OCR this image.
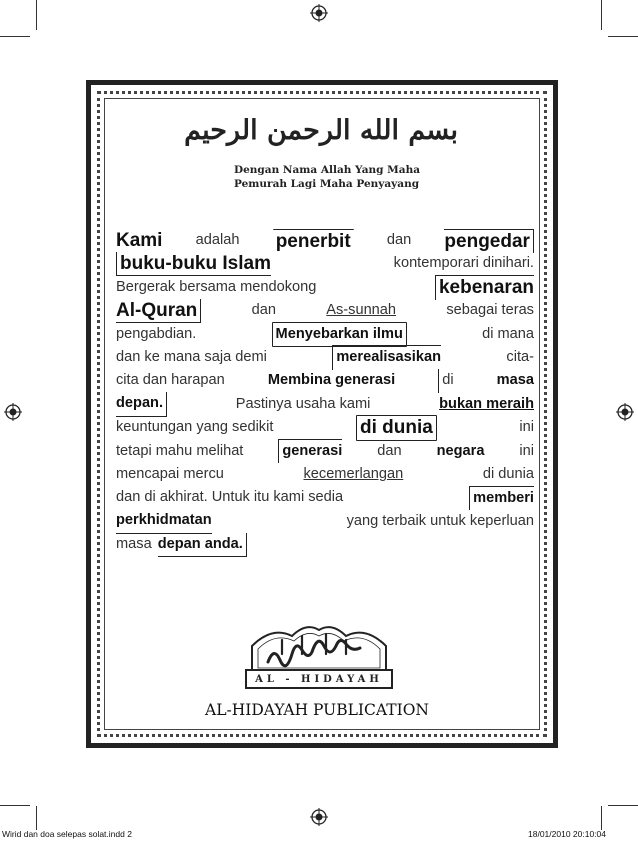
بسم الله الرحمن الرحيم
Dengan Nama Allah Yang Maha
Pemurah Lagi Maha Penyayang
Kami adalah penerbit dan pengedar
buku-buku Islam	kontemporari dinihari.
Bergerak bersama mendokong	kebenaran
Al-Quran	dan	As-sunnah	sebagai teras
pengabdian.	Menyebarkan ilmu	di mana
dan ke mana saja demi	merealisasikan	cita-
cita dan harapan	Membina generasi	di	masa
depan.	Pastinya usaha kami	bukan meraih
keuntungan yang sedikit	di dunia	ini
tetapi mahu melihat	generasi dan negara ini
mencapai mercu	kecemerlangan	di dunia
dan di akhirat. Untuk itu kami sedia	memberi
perkhidmatan	yang terbaik untuk keperluan
masa depan anda.
AL - HIDAYAH
AL-HIDAYAH PUBLICATION
Wirid dan doa selepas solat.indd 2	18/01/2010 20:10:04
